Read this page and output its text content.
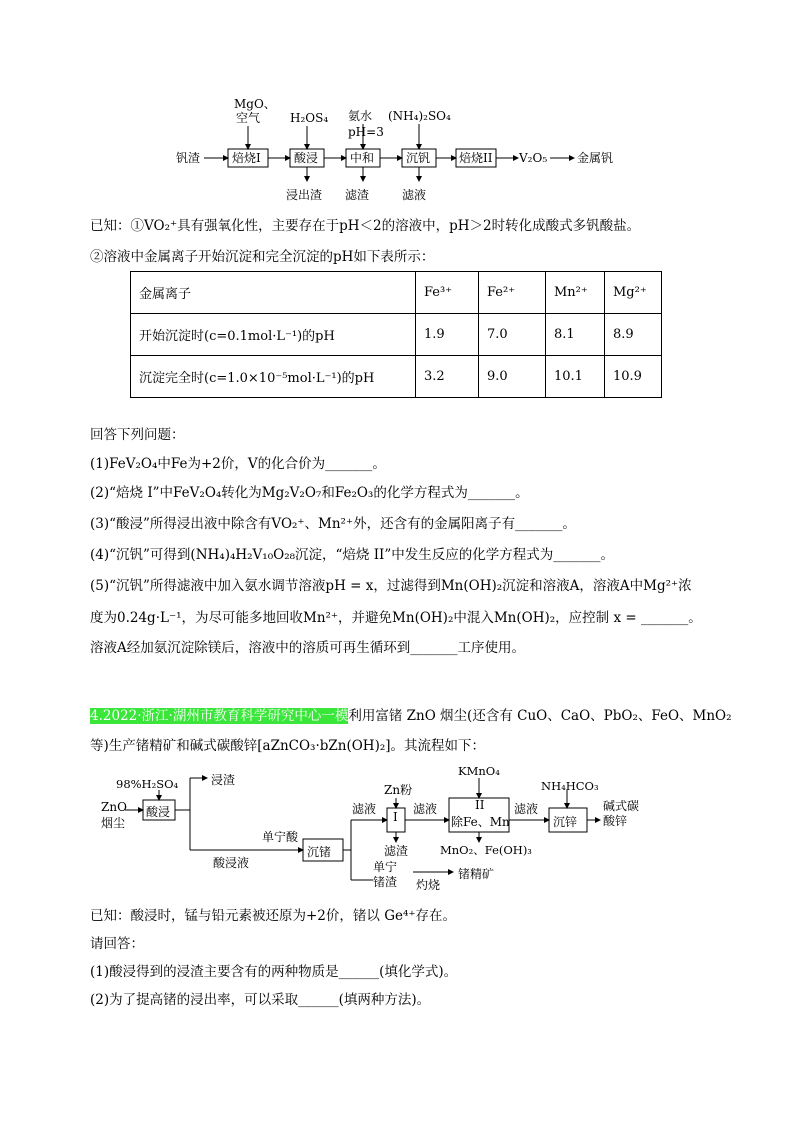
钒渣	焙烧I	酸浸	中和	沉钒 焙烧II V₂O₅ 金属钒
MgO、
空气 H₂OS₄ 氨水
pH=3
(NH₄)₂SO₄
浸出渣 滤渣	滤液
已知：①VO₂⁺具有强氧化性，主要存在于pH＜2的溶液中，pH＞2时转化成酸式多钒酸盐。
②溶液中金属离子开始沉淀和完全沉淀的pH如下表所示：
金属离子	Fe³⁺	Fe²⁺	Mn²⁺	Mg²⁺
开始沉淀时(c=0.1mol·L⁻¹)的pH	1.9	7.0	8.1	8.9
沉淀完全时(c=1.0×10⁻⁵mol·L⁻¹)的pH	3.2	9.0	10.1	10.9
回答下列问题：
(1)FeV₂O₄中Fe为+2价，V的化合价为_______。
(2)“焙烧 I”中FeV₂O₄转化为Mg₂V₂O₇和Fe₂O₃的化学方程式为_______。
(3)“酸浸”所得浸出液中除含有VO₂⁺、Mn²⁺外，还含有的金属阳离子有_______。
(4)“沉钒”可得到(NH₄)₄H₂V₁₀O₂₈沉淀，“焙烧 II”中发生反应的化学方程式为_______。
(5)“沉钒”所得滤液中加入氨水调节溶液pH = x，过滤得到Mn(OH)₂沉淀和溶液A，溶液A中Mg²⁺浓
度为0.24g·L⁻¹，为尽可能多地回收Mn²⁺，并避免Mn(OH)₂中混入Mn(OH)₂，应控制 x = _______。
溶液A经加氨沉淀除镁后，溶液中的溶质可再生循环到_______工序使用。
4.2022·浙江·湖州市教育科学研究中心一模利用富锗 ZnO 烟尘(还含有 CuO、CaO、PbO₂、FeO、MnO₂
等)生产锗精矿和碱式碳酸锌[aZnCO₃·bZn(OH)₂]。其流程如下：
ZnO
烟尘
98%H₂SO₄
酸浸
浸渣
单宁酸
酸浸液
沉锗
滤液
Zn粉
I
滤渣
滤液
KMnO₄
II
除Fe、Mn
MnO₂、Fe(OH)₃
滤液
NH₄HCO₃
沉锌
碱式碳
酸锌
单宁
锗渣 灼烧
锗精矿
已知：酸浸时，锰与铅元素被还原为+2价，锗以 Ge⁴⁺存在。
请回答：
(1)酸浸得到的浸渣主要含有的两种物质是______(填化学式)。
(2)为了提高锗的浸出率，可以采取______(填两种方法)。
